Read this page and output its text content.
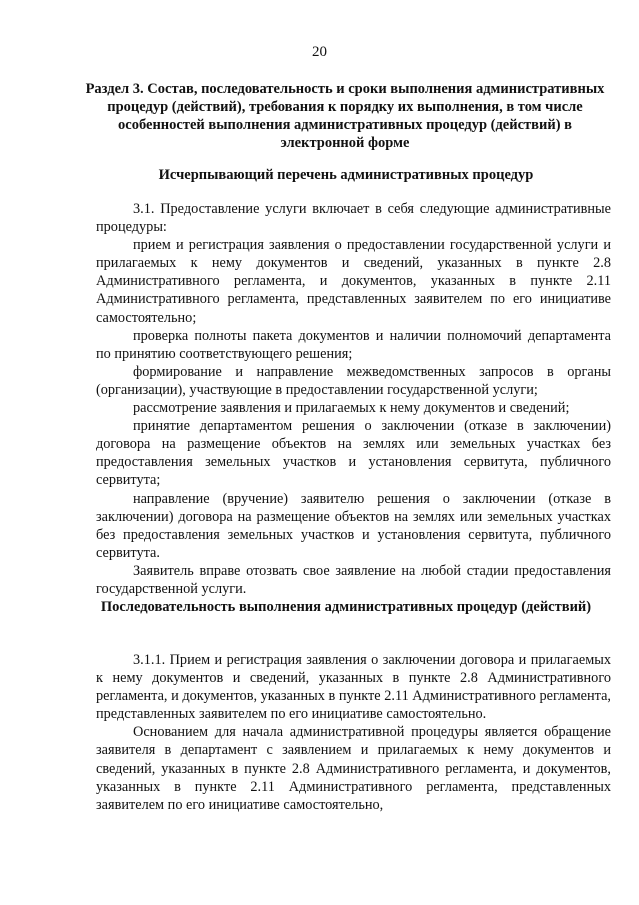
20
Раздел 3. Состав, последовательность и сроки выполнения административных процедур (действий), требования к порядку их выполнения, в том числе особенностей выполнения административных процедур (действий) в электронной форме
Исчерпывающий перечень административных процедур

3.1. Предоставление услуги включает в себя следующие административные процедуры:

прием и регистрация заявления о предоставлении государственной услуги и прилагаемых к нему документов и сведений, указанных в пункте 2.8 Административного регламента, и документов, указанных в пункте 2.11 Административного регламента, представленных заявителем по его инициативе самостоятельно;

проверка полноты пакета документов и наличии полномочий департамента по принятию соответствующего решения;

формирование и направление межведомственных запросов в органы (организации), участвующие в предоставлении государственной услуги;

рассмотрение заявления и прилагаемых к нему документов и сведений;

принятие департаментом решения о заключении (отказе в заключении) договора на размещение объектов на землях или земельных участках без предоставления земельных участков и установления сервитута, публичного сервитута;

направление (вручение) заявителю решения о заключении (отказе в заключении) договора на размещение объектов на землях или земельных участках без предоставления земельных участков и установления сервитута, публичного сервитута.

Заявитель вправе отозвать свое заявление на любой стадии предоставления государственной услуги.

Последовательность выполнения административных процедур (действий)

3.1.1. Прием и регистрация заявления о заключении договора и прилагаемых к нему документов и сведений, указанных в пункте 2.8 Административного регламента, и документов, указанных в пункте 2.11 Административного регламента, представленных заявителем по его инициативе самостоятельно.

Основанием для начала административной процедуры является обращение заявителя в департамент с заявлением и прилагаемых к нему документов и сведений, указанных в пункте 2.8 Административного регламента, и документов, указанных в пункте 2.11 Административного регламента, представленных заявителем по его инициативе самостоятельно,
